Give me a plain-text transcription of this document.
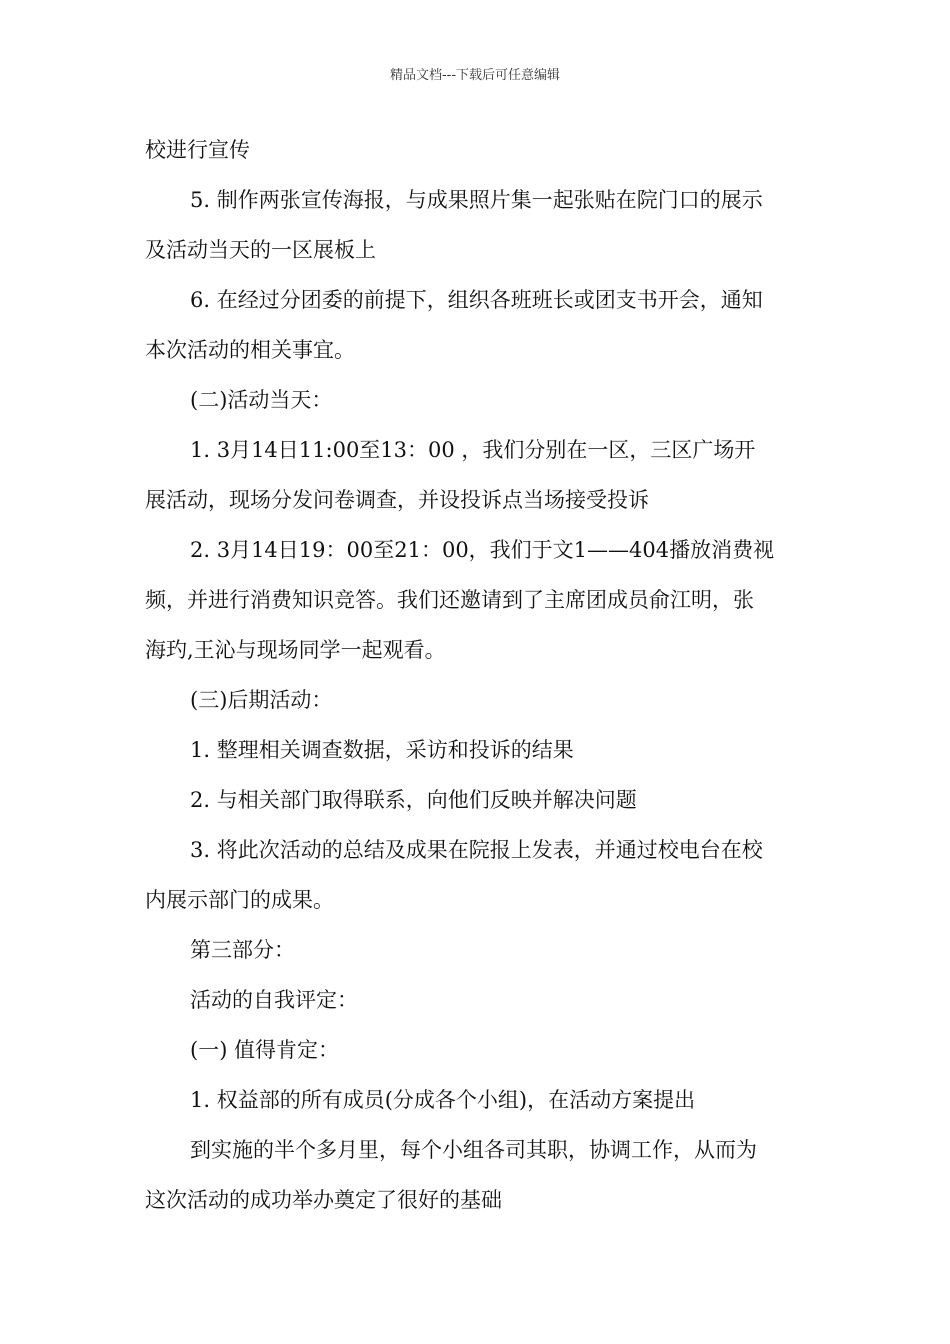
精品文档---下载后可任意编辑
校进行宣传
5. 制作两张宣传海报，与成果照片集一起张贴在院门口的展示
及活动当天的一区展板上
6. 在经过分团委的前提下，组织各班班长或团支书开会，通知
本次活动的相关事宜。
(二)活动当天：
1. 3月14日11:00至13：00 ，我们分别在一区，三区广场开
展活动，现场分发问卷调查，并设投诉点当场接受投诉
2. 3月14日19：00至21：00，我们于文1——404播放消费视
频，并进行消费知识竞答。我们还邀请到了主席团成员俞江明，张
海玓,王沁与现场同学一起观看。
(三)后期活动：
1. 整理相关调查数据，采访和投诉的结果
2. 与相关部门取得联系，向他们反映并解决问题
3. 将此次活动的总结及成果在院报上发表，并通过校电台在校
内展示部门的成果。
第三部分：
活动的自我评定：
(一) 值得肯定：
1. 权益部的所有成员(分成各个小组)，在活动方案提出
到实施的半个多月里，每个小组各司其职，协调工作，从而为
这次活动的成功举办奠定了很好的基础
